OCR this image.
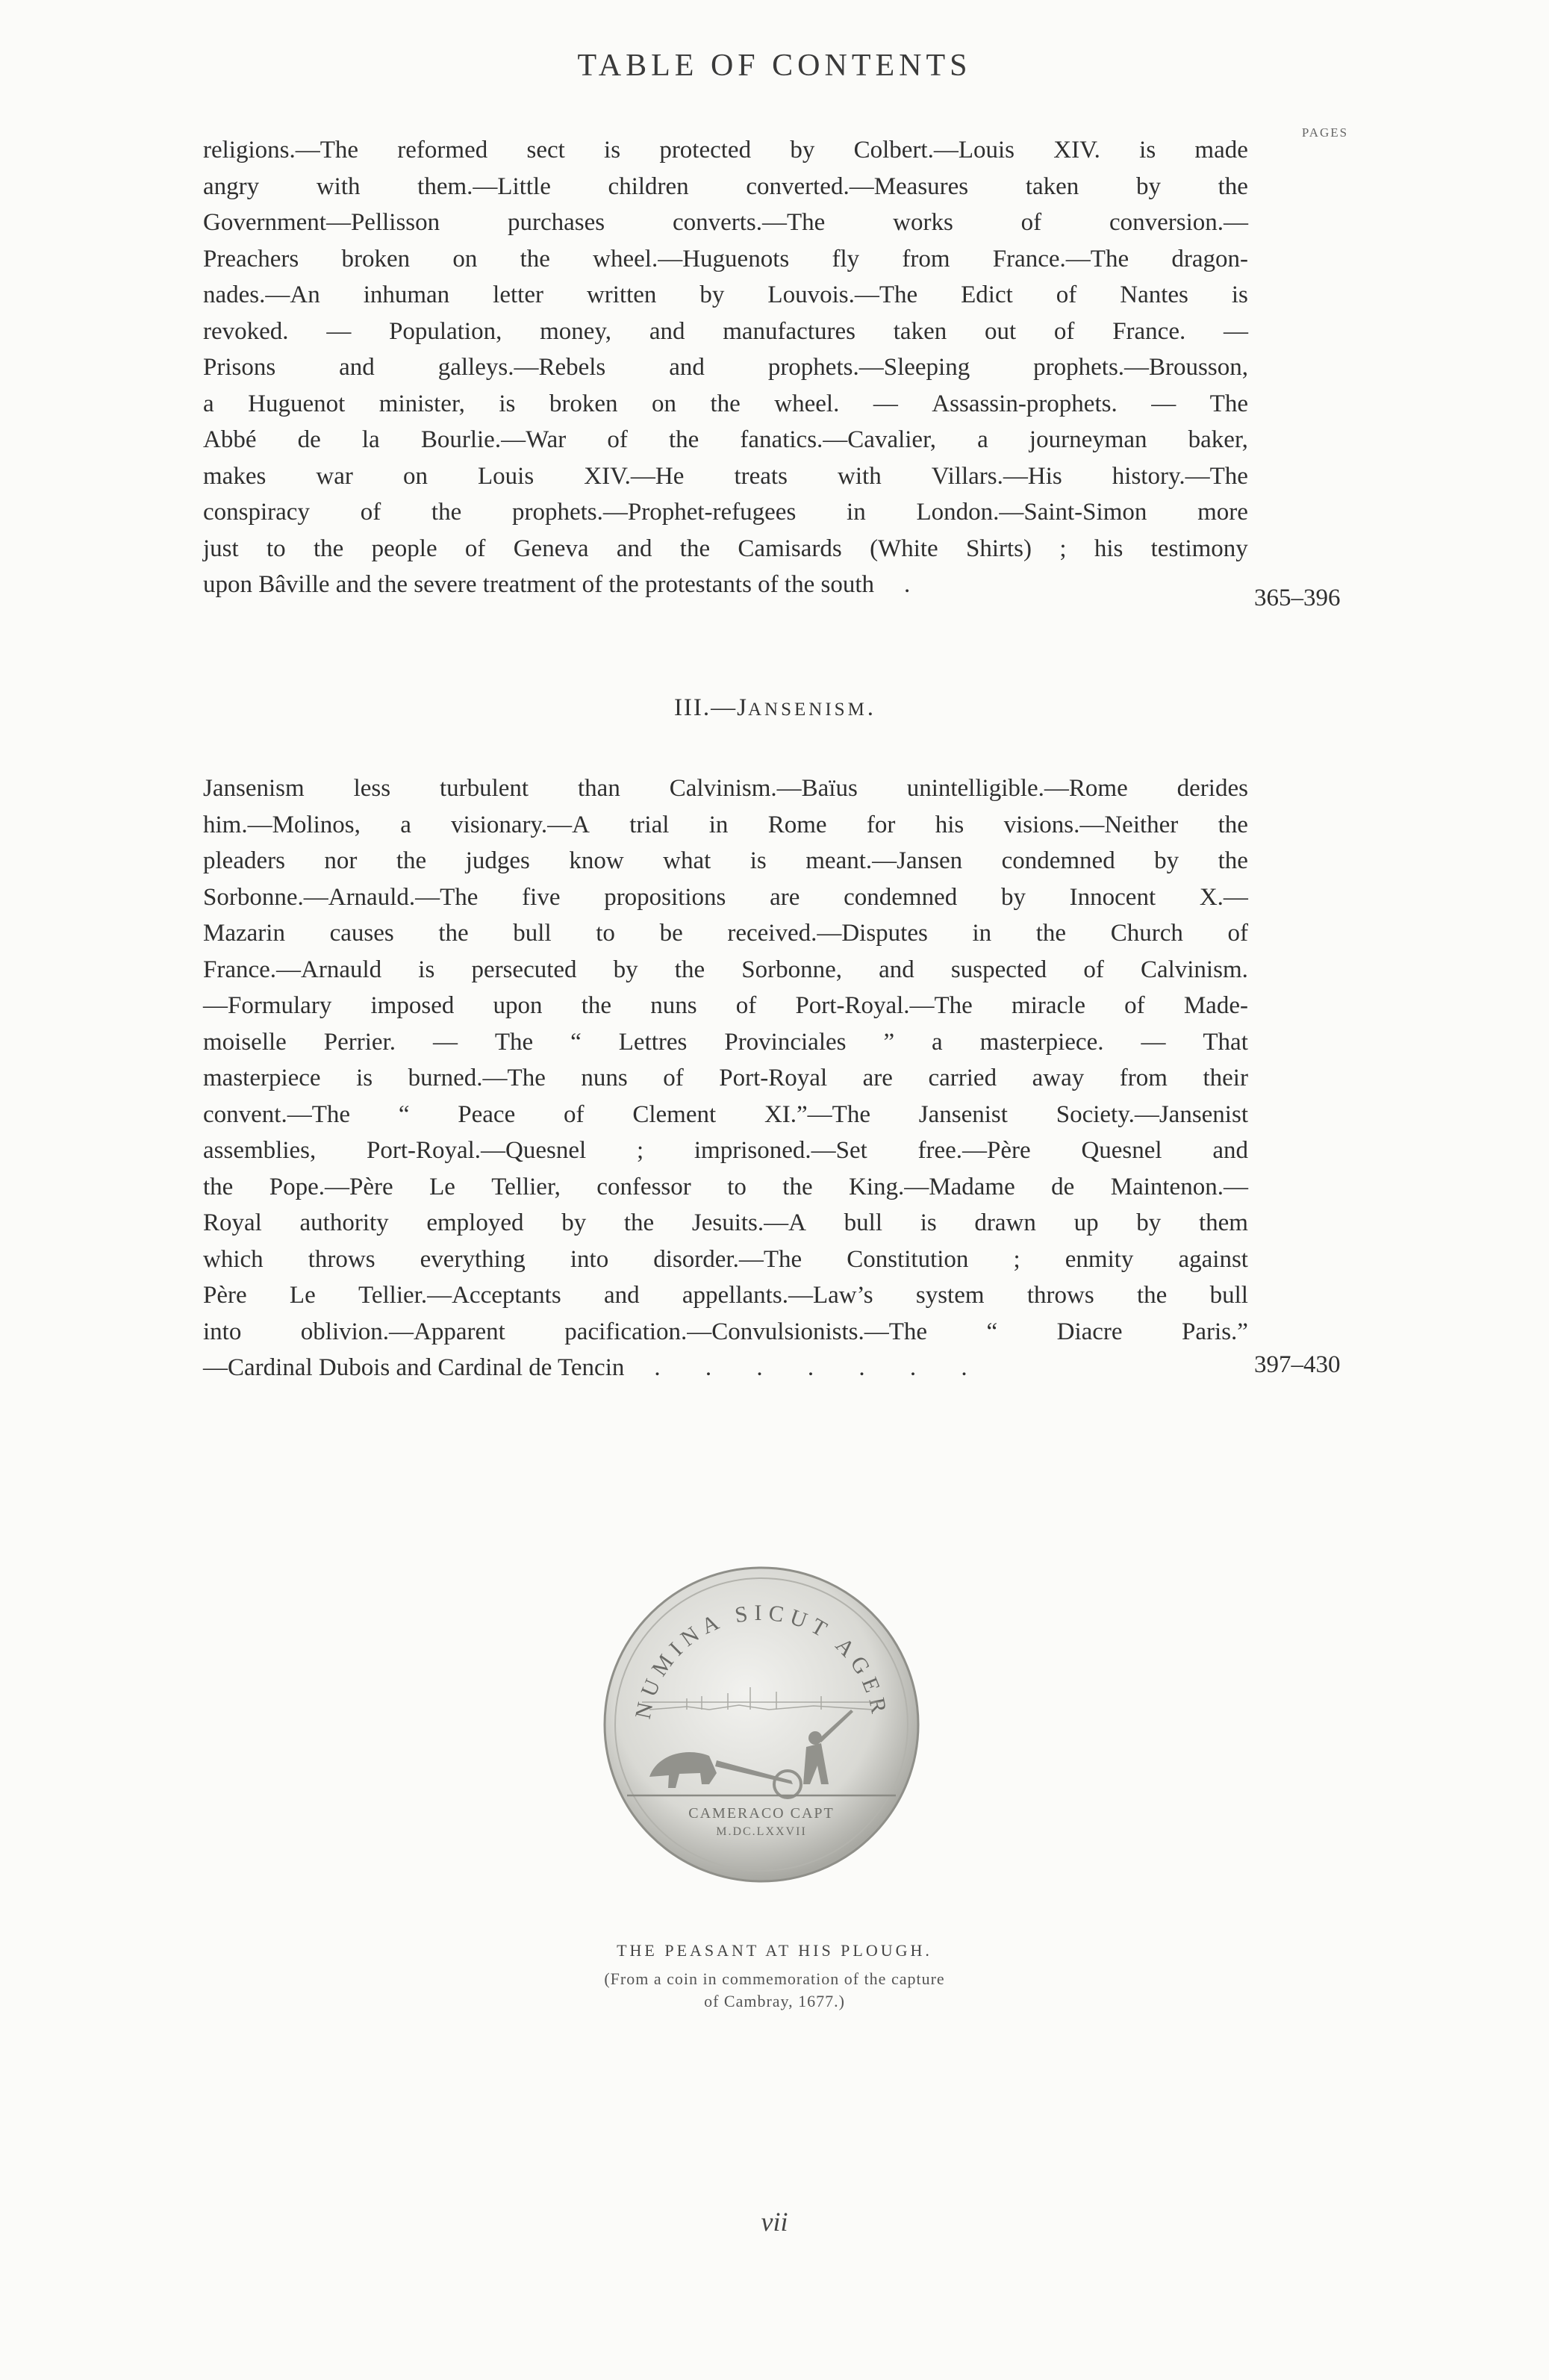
TABLE OF CONTENTS
PAGES
religions.—The reformed sect is protected by Colbert.—Louis XIV. is made
angry with them.—Little children converted.—Measures taken by the
Government—Pellisson	purchases	converts.—The	works	of	conversion.—
Preachers broken on the wheel.—Huguenots fly from France.—The dragon-
nades.—An inhuman letter written by Louvois.—The Edict of Nantes is
revoked. — Population, money, and manufactures taken out of France. —
Prisons	and	galleys.—Rebels	and	prophets.—Sleeping	prophets.—Brousson,
a Huguenot minister, is broken on the wheel. — Assassin-prophets. — The
Abbé de la Bourlie.—War of the fanatics.—Cavalier, a journeyman baker,
makes war on Louis XIV.—He treats with Villars.—His history.—The
conspiracy of the prophets.—Prophet-refugees in London.—Saint-Simon more
just to the people of Geneva and the Camisards (White Shirts) ; his testimony
upon Bâville and the severe treatment of the protestants of the south .	365–396
III.—JANSENISM.
Jansenism less turbulent than Calvinism.—Baïus unintelligible.—Rome derides
him.—Molinos, a visionary.—A trial in Rome for his visions.—Neither the
pleaders nor the judges know what is meant.—Jansen condemned by the
Sorbonne.—Arnauld.—The five propositions are condemned by Innocent X.—
Mazarin causes the bull to be received.—Disputes in the Church of
France.—Arnauld is persecuted by the Sorbonne, and suspected of Calvinism.
—Formulary imposed upon the nuns of Port-Royal.—The miracle of Made-
moiselle Perrier. — The “ Lettres Provinciales ” a masterpiece. — That
masterpiece is burned.—The nuns of Port-Royal are carried away from their
convent.—The “ Peace of Clement XI.”—The Jansenist Society.—Jansenist
assemblies, Port-Royal.—Quesnel ; imprisoned.—Set free.—Père Quesnel and
the Pope.—Père Le Tellier, confessor to the King.—Madame de Maintenon.—
Royal authority employed by the Jesuits.—A bull is drawn up by them
which throws everything into disorder.—The Constitution ; enmity against
Père Le Tellier.—Acceptants and appellants.—Law’s system throws the bull
into oblivion.—Apparent pacification.—Convulsionists.—The “ Diacre Paris.”
—Cardinal Dubois and Cardinal de Tencin . . . . . . .	397–430
NUMINA SICUT AGER
CAMERACO CAPT
M.DC.LXXVII
THE PEASANT AT HIS PLOUGH.
(From a coin in commemoration of the capture
of Cambray, 1677.)
vii
